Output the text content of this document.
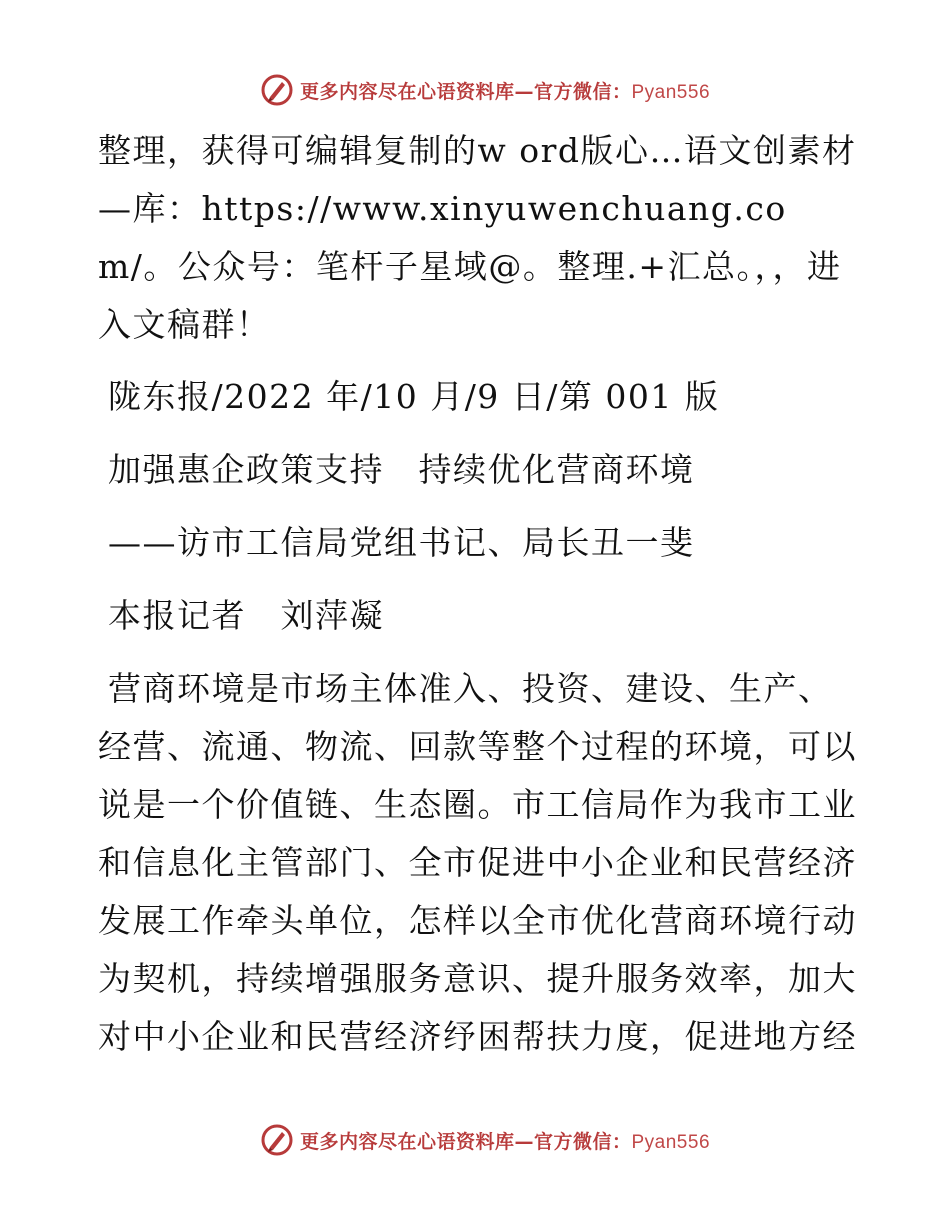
更多内容尽在心语资料库—官方微信：Pyan556

整理，获得可编辑复制的w ord版心…语文创素材—库：https://www.xinyuwenchuang.com/。公众号：笔杆子星域@。整理.+汇总。，，进入文稿群！

陇东报/2022 年/10 月/9 日/第 001 版

加强惠企政策支持　持续优化营商环境

——访市工信局党组书记、局长丑一斐

本报记者　刘萍凝

营商环境是市场主体准入、投资、建设、生产、经营、流通、物流、回款等整个过程的环境，可以说是一个价值链、生态圈。市工信局作为我市工业和信息化主管部门、全市促进中小企业和民营经济发展工作牵头单位，怎样以全市优化营商环境行动为契机，持续增强服务意识、提升服务效率，加大对中小企业和民营经济纾困帮扶力度，促进地方经

更多内容尽在心语资料库—官方微信：Pyan556
